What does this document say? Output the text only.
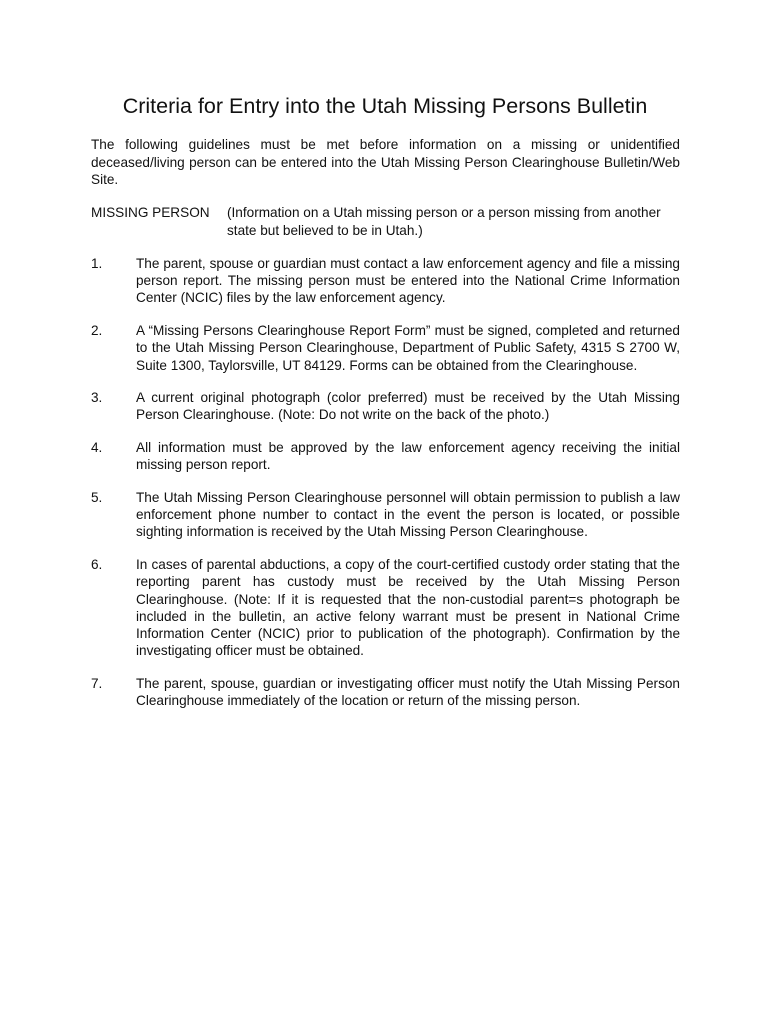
Criteria for Entry into the Utah Missing Persons Bulletin

The following guidelines must be met before information on a missing or unidentified deceased/living person can be entered into the Utah Missing Person Clearinghouse Bulletin/Web Site.

MISSING PERSON (Information on a Utah missing person or a person missing from another state but believed to be in Utah.)
1. The parent, spouse or guardian must contact a law enforcement agency and file a missing person report. The missing person must be entered into the National Crime Information Center (NCIC) files by the law enforcement agency.
2. A “Missing Persons Clearinghouse Report Form” must be signed, completed and returned to the Utah Missing Person Clearinghouse, Department of Public Safety, 4315 S 2700 W, Suite 1300, Taylorsville, UT 84129. Forms can be obtained from the Clearinghouse.
3. A current original photograph (color preferred) must be received by the Utah Missing Person Clearinghouse. (Note: Do not write on the back of the photo.)
4. All information must be approved by the law enforcement agency receiving the initial missing person report.
5. The Utah Missing Person Clearinghouse personnel will obtain permission to publish a law enforcement phone number to contact in the event the person is located, or possible sighting information is received by the Utah Missing Person Clearinghouse.
6. In cases of parental abductions, a copy of the court-certified custody order stating that the reporting parent has custody must be received by the Utah Missing Person Clearinghouse. (Note: If it is requested that the non-custodial parent=s photograph be included in the bulletin, an active felony warrant must be present in National Crime Information Center (NCIC) prior to publication of the photograph). Confirmation by the investigating officer must be obtained.
7. The parent, spouse, guardian or investigating officer must notify the Utah Missing Person Clearinghouse immediately of the location or return of the missing person.
